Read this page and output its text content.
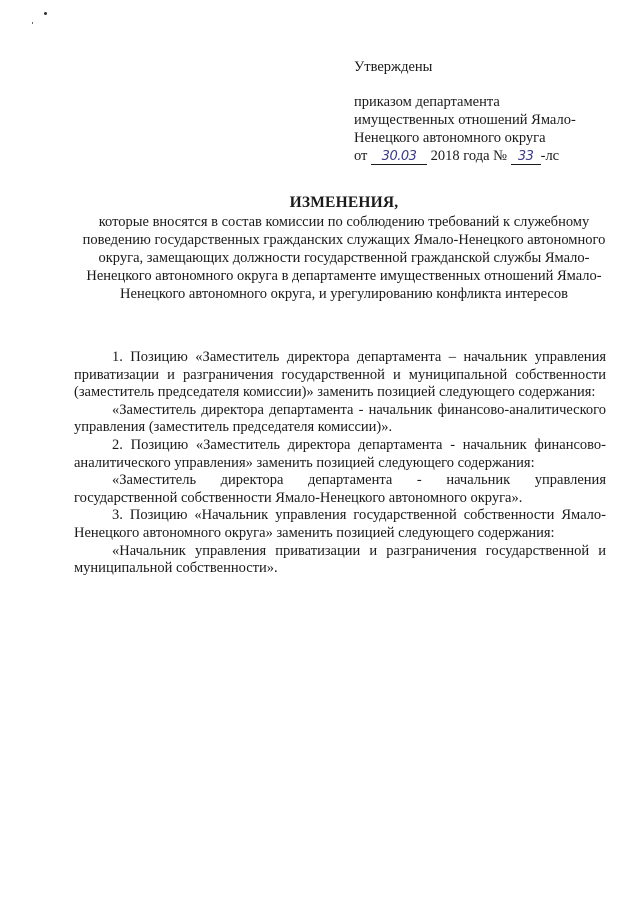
Утверждены

приказом департамента

имущественных отношений Ямало-

Ненецкого автономного округа

от 30.03 2018 года № 33 -лс

ИЗМЕНЕНИЯ,

которые вносятся в состав комиссии по соблюдению требований к служебному поведению государственных гражданских служащих Ямало-Ненецкого автономного округа, замещающих должности государственной гражданской службы Ямало-Ненецкого автономного округа в департаменте имущественных отношений Ямало-Ненецкого автономного округа, и урегулированию конфликта интересов

1. Позицию «Заместитель директора департамента – начальник управления приватизации и разграничения государственной и муниципальной собственности (заместитель председателя комиссии)» заменить позицией следующего содержания:

«Заместитель директора департамента - начальник финансово-аналитического управления (заместитель председателя комиссии)».

2. Позицию «Заместитель директора департамента - начальник финансово-аналитического управления» заменить позицией следующего содержания:

«Заместитель директора департамента - начальник управления государственной собственности Ямало-Ненецкого автономного округа».

3. Позицию «Начальник управления государственной собственности Ямало-Ненецкого автономного округа» заменить позицией следующего содержания:

«Начальник управления приватизации и разграничения государственной и муниципальной собственности».
